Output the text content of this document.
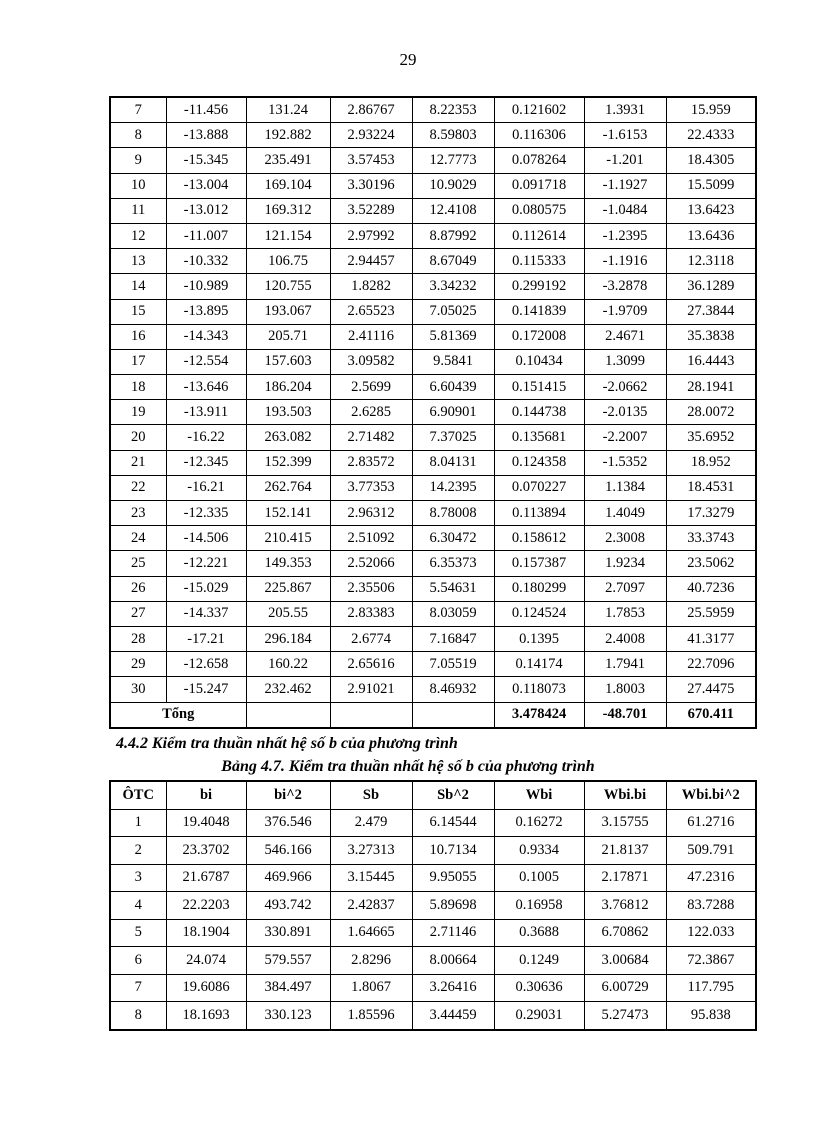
29
7	-11.456	131.24	2.86767	8.22353	0.121602	1.3931	15.959
8	-13.888	192.882	2.93224	8.59803	0.116306	-1.6153	22.4333
9	-15.345	235.491	3.57453	12.7773	0.078264	-1.201	18.4305
10	-13.004	169.104	3.30196	10.9029	0.091718	-1.1927	15.5099
11	-13.012	169.312	3.52289	12.4108	0.080575	-1.0484	13.6423
12	-11.007	121.154	2.97992	8.87992	0.112614	-1.2395	13.6436
13	-10.332	106.75	2.94457	8.67049	0.115333	-1.1916	12.3118
14	-10.989	120.755	1.8282	3.34232	0.299192	-3.2878	36.1289
15	-13.895	193.067	2.65523	7.05025	0.141839	-1.9709	27.3844
16	-14.343	205.71	2.41116	5.81369	0.172008	2.4671	35.3838
17	-12.554	157.603	3.09582	9.5841	0.10434	1.3099	16.4443
18	-13.646	186.204	2.5699	6.60439	0.151415	-2.0662	28.1941
19	-13.911	193.503	2.6285	6.90901	0.144738	-2.0135	28.0072
20	-16.22	263.082	2.71482	7.37025	0.135681	-2.2007	35.6952
21	-12.345	152.399	2.83572	8.04131	0.124358	-1.5352	18.952
22	-16.21	262.764	3.77353	14.2395	0.070227	1.1384	18.4531
23	-12.335	152.141	2.96312	8.78008	0.113894	1.4049	17.3279
24	-14.506	210.415	2.51092	6.30472	0.158612	2.3008	33.3743
25	-12.221	149.353	2.52066	6.35373	0.157387	1.9234	23.5062
26	-15.029	225.867	2.35506	5.54631	0.180299	2.7097	40.7236
27	-14.337	205.55	2.83383	8.03059	0.124524	1.7853	25.5959
28	-17.21	296.184	2.6774	7.16847	0.1395	2.4008	41.3177
29	-12.658	160.22	2.65616	7.05519	0.14174	1.7941	22.7096
30	-15.247	232.462	2.91021	8.46932	0.118073	1.8003	27.4475
Tổng					3.478424	-48.701	670.411
4.4.2 Kiểm tra thuần nhất hệ số b của phương trình
Bảng 4.7. Kiểm tra thuần nhất hệ số b của phương trình
ÔTC	bi	bi^2	Sb	Sb^2	Wbi	Wbi.bi	Wbi.bi^2
1	19.4048	376.546	2.479	6.14544	0.16272	3.15755	61.2716
2	23.3702	546.166	3.27313	10.7134	0.9334	21.8137	509.791
3	21.6787	469.966	3.15445	9.95055	0.1005	2.17871	47.2316
4	22.2203	493.742	2.42837	5.89698	0.16958	3.76812	83.7288
5	18.1904	330.891	1.64665	2.71146	0.3688	6.70862	122.033
6	24.074	579.557	2.8296	8.00664	0.1249	3.00684	72.3867
7	19.6086	384.497	1.8067	3.26416	0.30636	6.00729	117.795
8	18.1693	330.123	1.85596	3.44459	0.29031	5.27473	95.838
